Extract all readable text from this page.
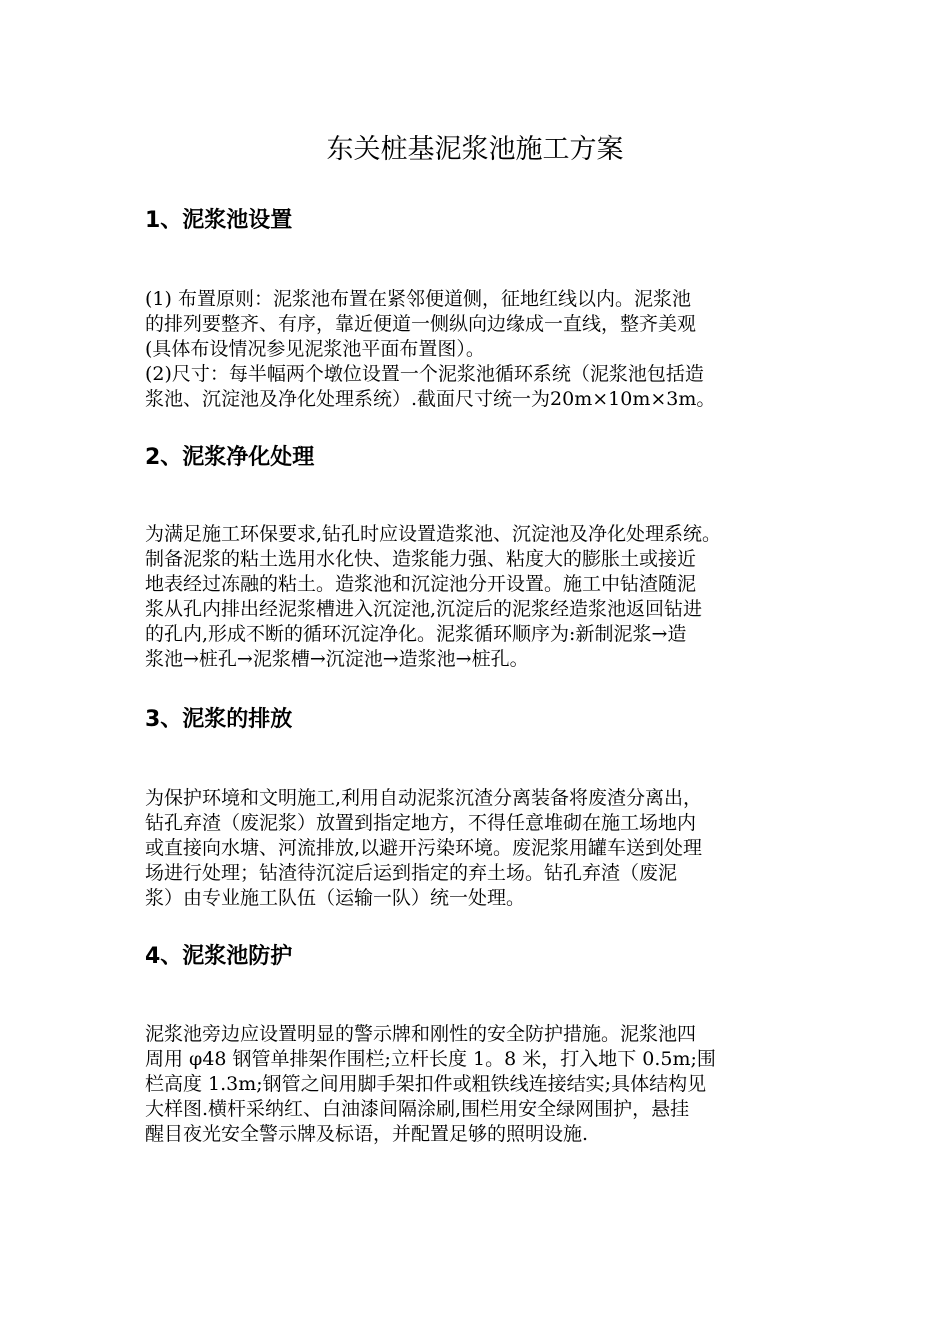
东关桩基泥浆池施工方案
1、泥浆池设置

(1) 布置原则：泥浆池布置在紧邻便道侧，征地红线以内。泥浆池
的排列要整齐、有序，靠近便道一侧纵向边缘成一直线，整齐美观
(具体布设情况参见泥浆池平面布置图）。
(2)尺寸：每半幅两个墩位设置一个泥浆池循环系统（泥浆池包括造
浆池、沉淀池及净化处理系统）.截面尺寸统一为20m×10m×3m。

2、泥浆净化处理

为满足施工环保要求,钻孔时应设置造浆池、沉淀池及净化处理系统。
制备泥浆的粘土选用水化快、造浆能力强、粘度大的膨胀土或接近
地表经过冻融的粘土。造浆池和沉淀池分开设置。施工中钻渣随泥
浆从孔内排出经泥浆槽进入沉淀池,沉淀后的泥浆经造浆池返回钻进
的孔内,形成不断的循环沉淀净化。泥浆循环顺序为:新制泥浆→造
浆池→桩孔→泥浆槽→沉淀池→造浆池→桩孔。

3、泥浆的排放

为保护环境和文明施工,利用自动泥浆沉渣分离装备将废渣分离出，
钻孔弃渣（废泥浆）放置到指定地方，不得任意堆砌在施工场地内
或直接向水塘、河流排放,以避开污染环境。废泥浆用罐车送到处理
场进行处理；钻渣待沉淀后运到指定的弃土场。钻孔弃渣（废泥
浆）由专业施工队伍（运输一队）统一处理。

4、泥浆池防护

泥浆池旁边应设置明显的警示牌和刚性的安全防护措施。泥浆池四
周用 φ48 钢管单排架作围栏;立杆长度 1。8 米，打入地下 0.5m;围
栏高度 1.3m;钢管之间用脚手架扣件或粗铁线连接结实;具体结构见
大样图.横杆采纳红、白油漆间隔涂刷,围栏用安全绿网围护，悬挂
醒目夜光安全警示牌及标语，并配置足够的照明设施.
